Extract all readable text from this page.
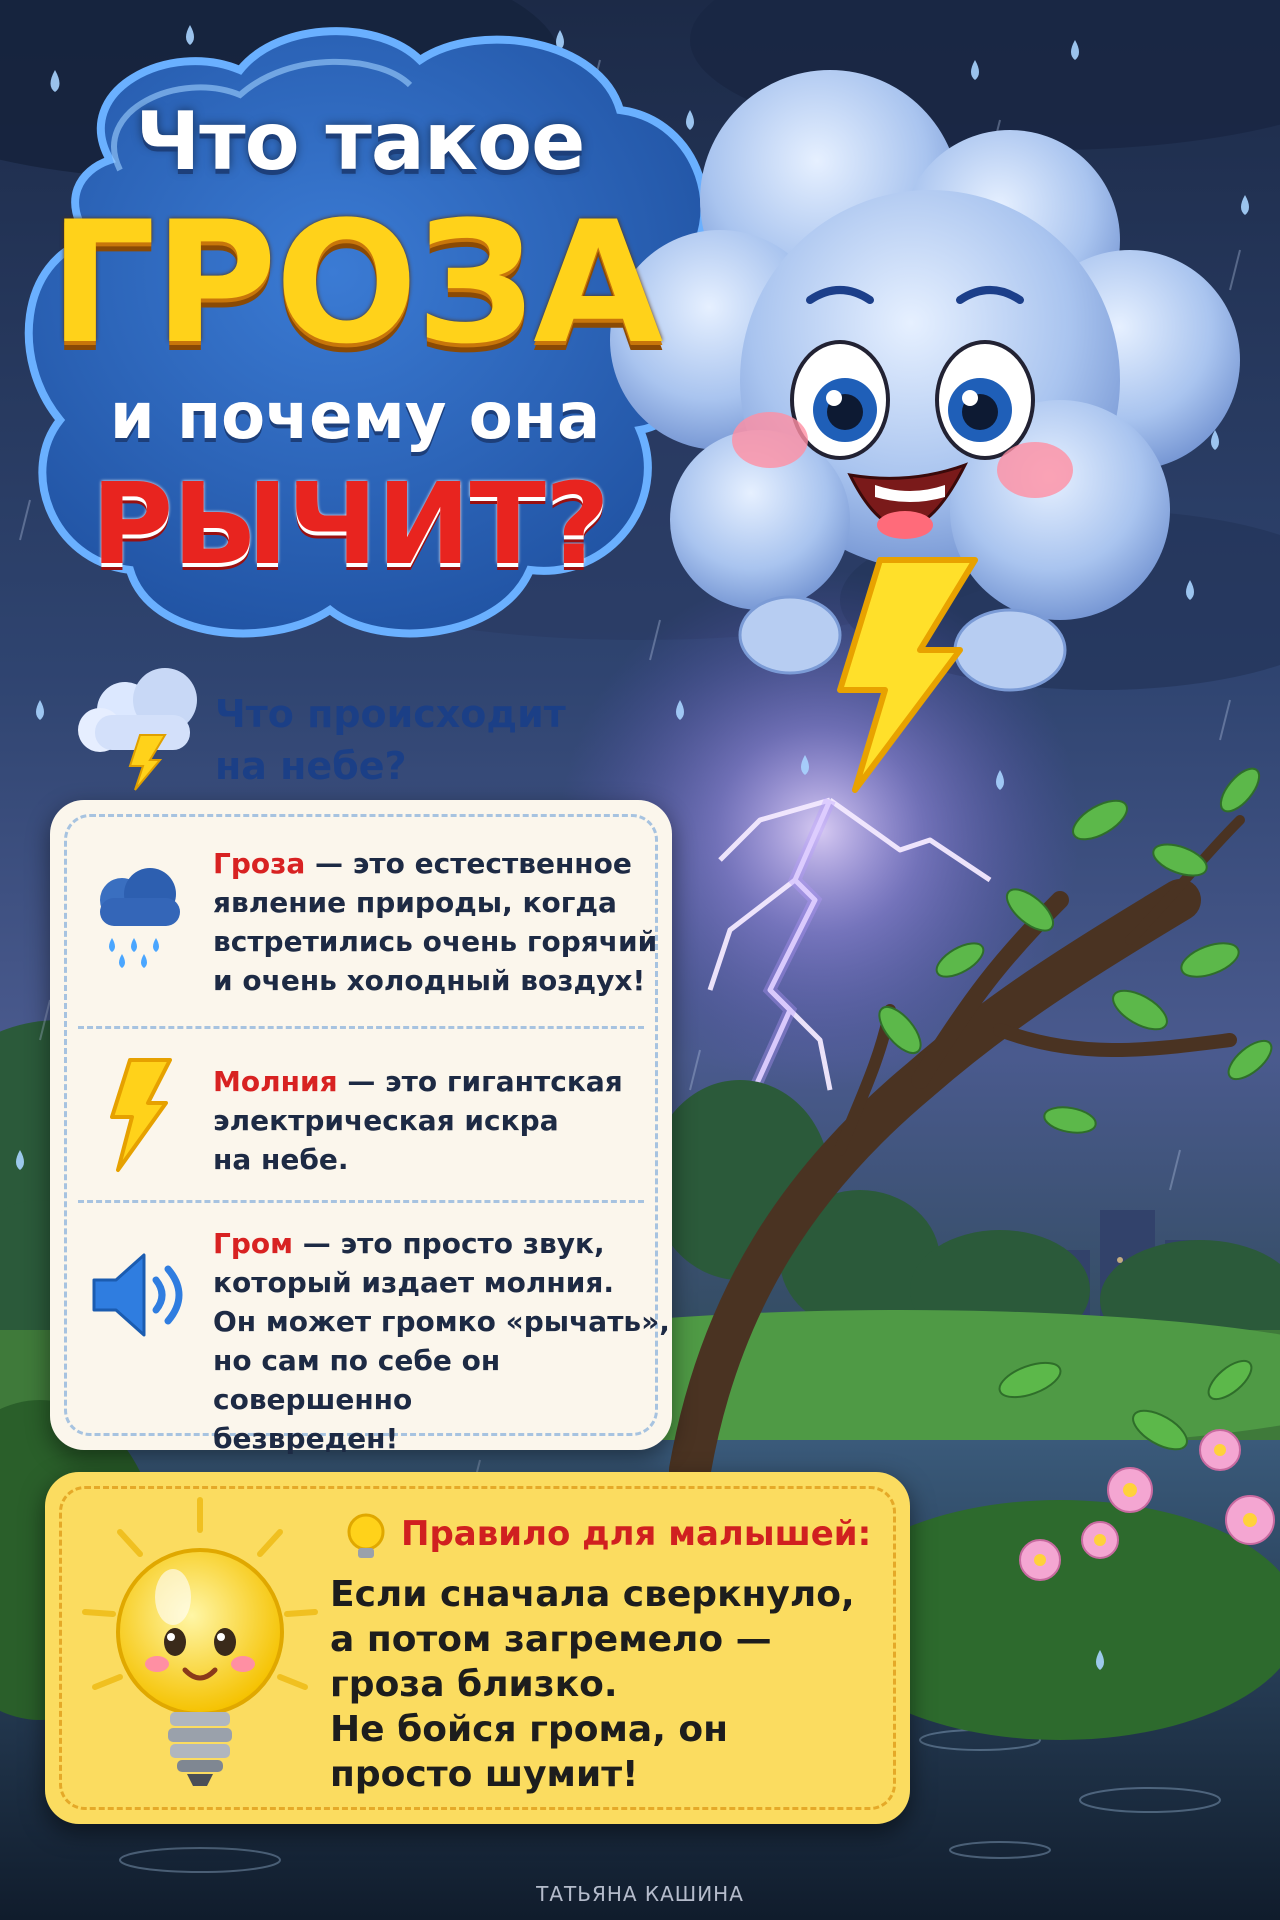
Что такое
ГРОЗА
и почему она
РЫЧИТ?
Что происходит
на небе?
Гроза — это естественное
явление природы, когда
встретились очень горячий
и очень холодный воздух!
Молния — это гигантская
электрическая искра
на небе.
Гром — это просто звук,
который издает молния.
Он может громко «рычать»,
но сам по себе он совершенно
безвреден!
Правило для малышей:
Если сначала сверкнуло,
а потом загремело —
гроза близко.
Не бойся грома, он
просто шумит!
ТАТЬЯНА КАШИНА
